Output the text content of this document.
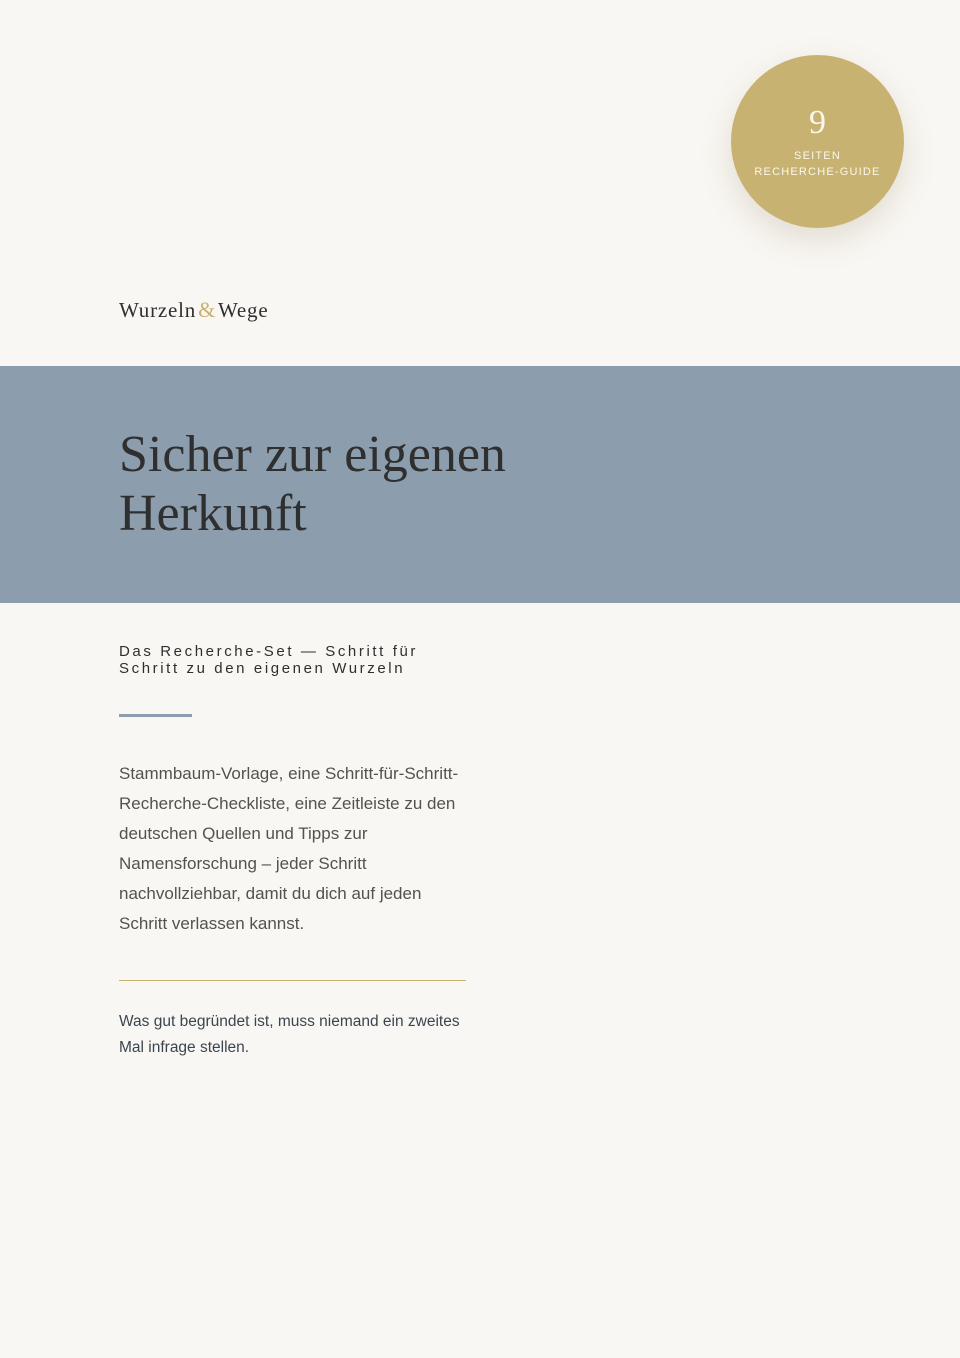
9
SEITEN
RECHERCHE-GUIDE
Wurzeln & Wege
Sicher zur eigenen
Herkunft
Das Recherche-Set — Schritt für
Schritt zu den eigenen Wurzeln
Stammbaum-Vorlage, eine Schritt-für-Schritt-
Recherche-Checkliste, eine Zeitleiste zu den
deutschen Quellen und Tipps zur
Namensforschung – jeder Schritt
nachvollziehbar, damit du dich auf jeden
Schritt verlassen kannst.
Was gut begründet ist, muss niemand ein zweites
Mal infrage stellen.
